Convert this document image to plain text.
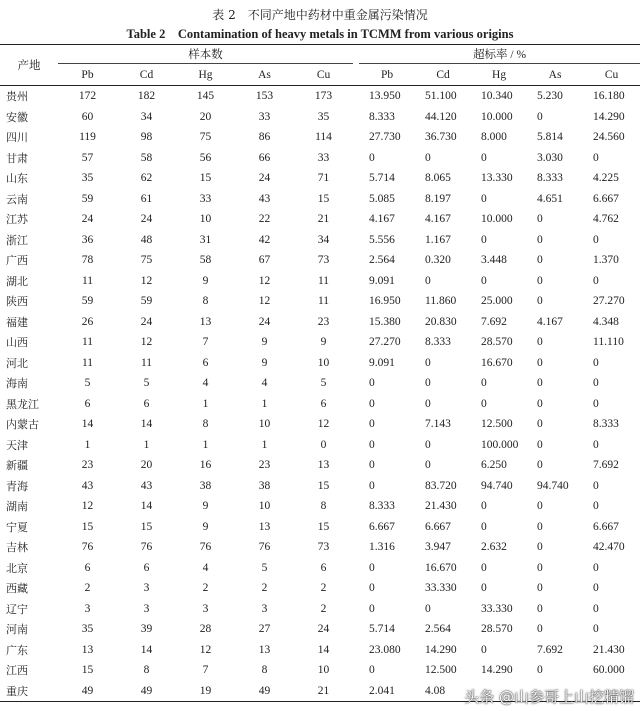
表 2　不同产地中药材中重金属污染情况
Table 2　Contamination of heavy metals in TCMM from various origins
产地	样本数						超标率 / %				
	Pb	Cd	Hg	As	Cu		Pb	Cd	Hg	As	Cu
贵州	172	182	145	153	173		13.950	51.100	10.340	5.230	16.180
安徽	60	34	20	33	35		8.333	44.120	10.000	0	14.290
四川	119	98	75	86	114		27.730	36.730	8.000	5.814	24.560
甘肃	57	58	56	66	33		0	0	0	3.030	0
山东	35	62	15	24	71		5.714	8.065	13.330	8.333	4.225
云南	59	61	33	43	15		5.085	8.197	0	4.651	6.667
江苏	24	24	10	22	21		4.167	4.167	10.000	0	4.762
浙江	36	48	31	42	34		5.556	1.167	0	0	0
广西	78	75	58	67	73		2.564	0.320	3.448	0	1.370
湖北	11	12	9	12	11		9.091	0	0	0	0
陕西	59	59	8	12	11		16.950	11.860	25.000	0	27.270
福建	26	24	13	24	23		15.380	20.830	7.692	4.167	4.348
山西	11	12	7	9	9		27.270	8.333	28.570	0	11.110
河北	11	11	6	9	10		9.091	0	16.670	0	0
海南	5	5	4	4	5		0	0	0	0	0
黑龙江	6	6	1	1	6		0	0	0	0	0
内蒙古	14	14	8	10	12		0	7.143	12.500	0	8.333
天津	1	1	1	1	0		0	0	100.000	0	0
新疆	23	20	16	23	13		0	0	6.250	0	7.692
青海	43	43	38	38	15		0	83.720	94.740	94.740	0
湖南	12	14	9	10	8		8.333	21.430	0	0	0
宁夏	15	15	9	13	15		6.667	6.667	0	0	6.667
吉林	76	76	76	76	73		1.316	3.947	2.632	0	42.470
北京	6	6	4	5	6		0	16.670	0	0	0
西藏	2	3	2	2	2		0	33.330	0	0	0
辽宁	3	3	3	3	2		0	0	33.330	0	0
河南	35	39	28	27	24		5.714	2.564	28.570	0	0
广东	13	14	12	13	14		23.080	14.290	0	7.692	21.430
江西	15	8	7	8	10		0	12.500	14.290	0	60.000
重庆	49	49	19	49	21		2.041	4.08			头条 @山参哥上山挖精馏
